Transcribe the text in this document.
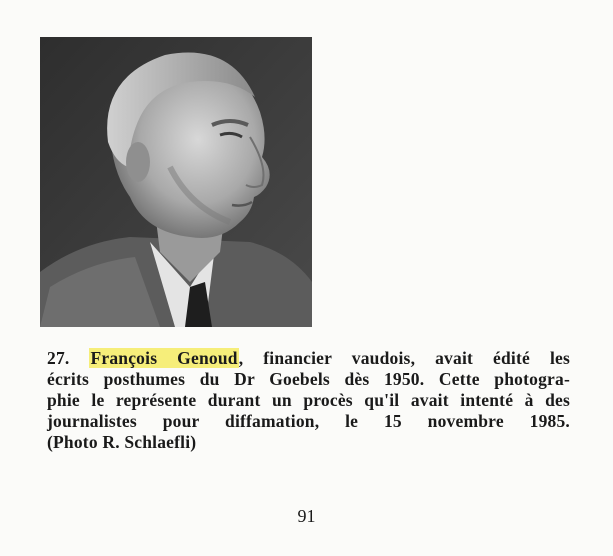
27. François Genoud, financier vaudois, avait édité les
écrits posthumes du Dr Goebels dès 1950. Cette photogra-
phie le représente durant un procès qu'il avait intenté à des
journalistes pour diffamation, le 15 novembre 1985.
(Photo R. Schlaefli)
91
